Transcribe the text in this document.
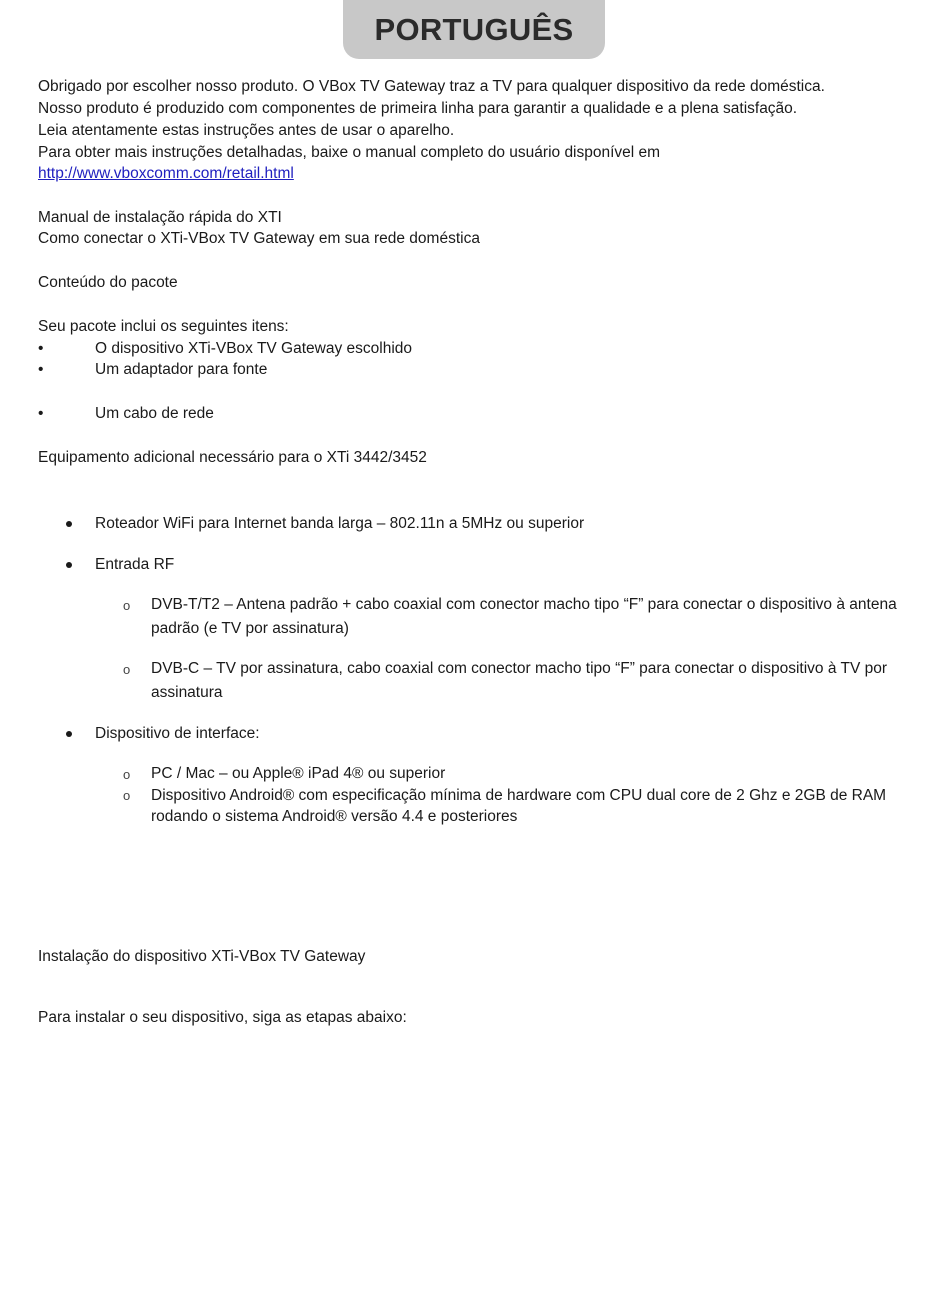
PORTUGUÊS
Obrigado por escolher nosso produto. O VBox TV Gateway traz a TV para qualquer dispositivo da rede doméstica.
Nosso produto é produzido com componentes de primeira linha para garantir a qualidade e a plena satisfação.
Leia atentamente estas instruções antes de usar o aparelho.
Para obter mais instruções detalhadas, baixe o manual completo do usuário disponível em
http://www.vboxcomm.com/retail.html
Manual de instalação rápida do XTI
Como conectar o XTi-VBox TV Gateway em sua rede doméstica
Conteúdo do pacote
Seu pacote inclui os seguintes itens:
•	O dispositivo XTi-VBox TV Gateway escolhido
•	Um adaptador para fonte
•	Um cabo de rede
Equipamento adicional necessário para o XTi 3442/3452
Roteador WiFi para Internet banda larga – 802.11n a 5MHz ou superior
Entrada RF
o DVB-T/T2 – Antena padrão + cabo coaxial com conector macho tipo “F” para conectar o dispositivo à antena padrão (e TV por assinatura)
o DVB-C – TV por assinatura, cabo coaxial com conector macho tipo “F” para conectar o dispositivo à TV por assinatura
Dispositivo de interface:
o PC / Mac – ou Apple® iPad 4® ou superior
o Dispositivo Android® com especificação mínima de hardware com CPU dual core de 2 Ghz e 2GB de RAM rodando o sistema Android® versão 4.4 e posteriores
Instalação do dispositivo XTi-VBox TV Gateway
Para instalar o seu dispositivo, siga as etapas abaixo:
